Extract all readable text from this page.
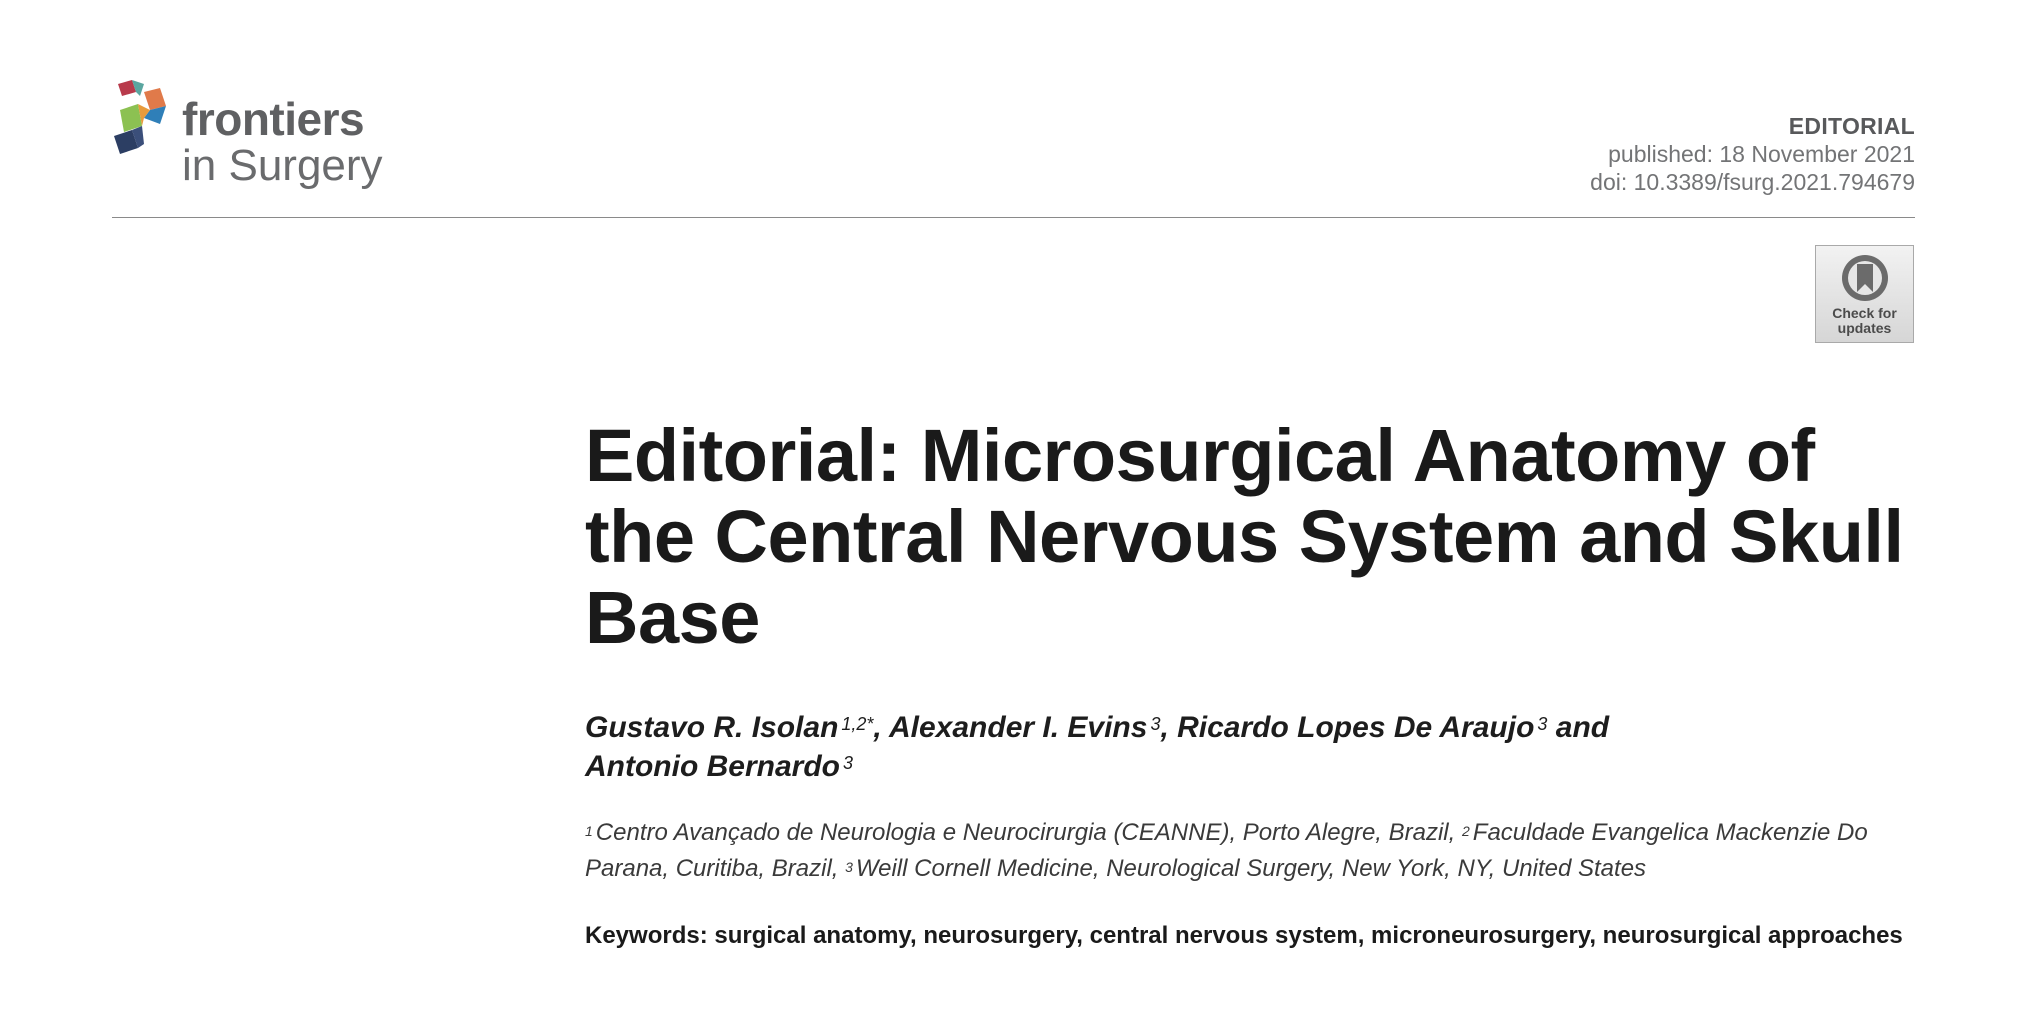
frontiers
in Surgery
EDITORIAL
published: 18 November 2021
doi: 10.3389/fsurg.2021.794679
Check for
updates
Editorial: Microsurgical Anatomy of the Central Nervous System and Skull Base

Gustavo R. Isolan $^{1,2*}$, Alexander I. Evins $^3$, Ricardo Lopes De Araujo $^3$ and
Antonio Bernardo $^3$

$^1$ Centro Avançado de Neurologia e Neurocirurgia (CEANNE), Porto Alegre, Brazil, $^2$ Faculdade Evangelica Mackenzie Do Parana, Curitiba, Brazil, $^3$ Weill Cornell Medicine, Neurological Surgery, New York, NY, United States

Keywords: surgical anatomy, neurosurgery, central nervous system, microneurosurgery, neurosurgical approaches
